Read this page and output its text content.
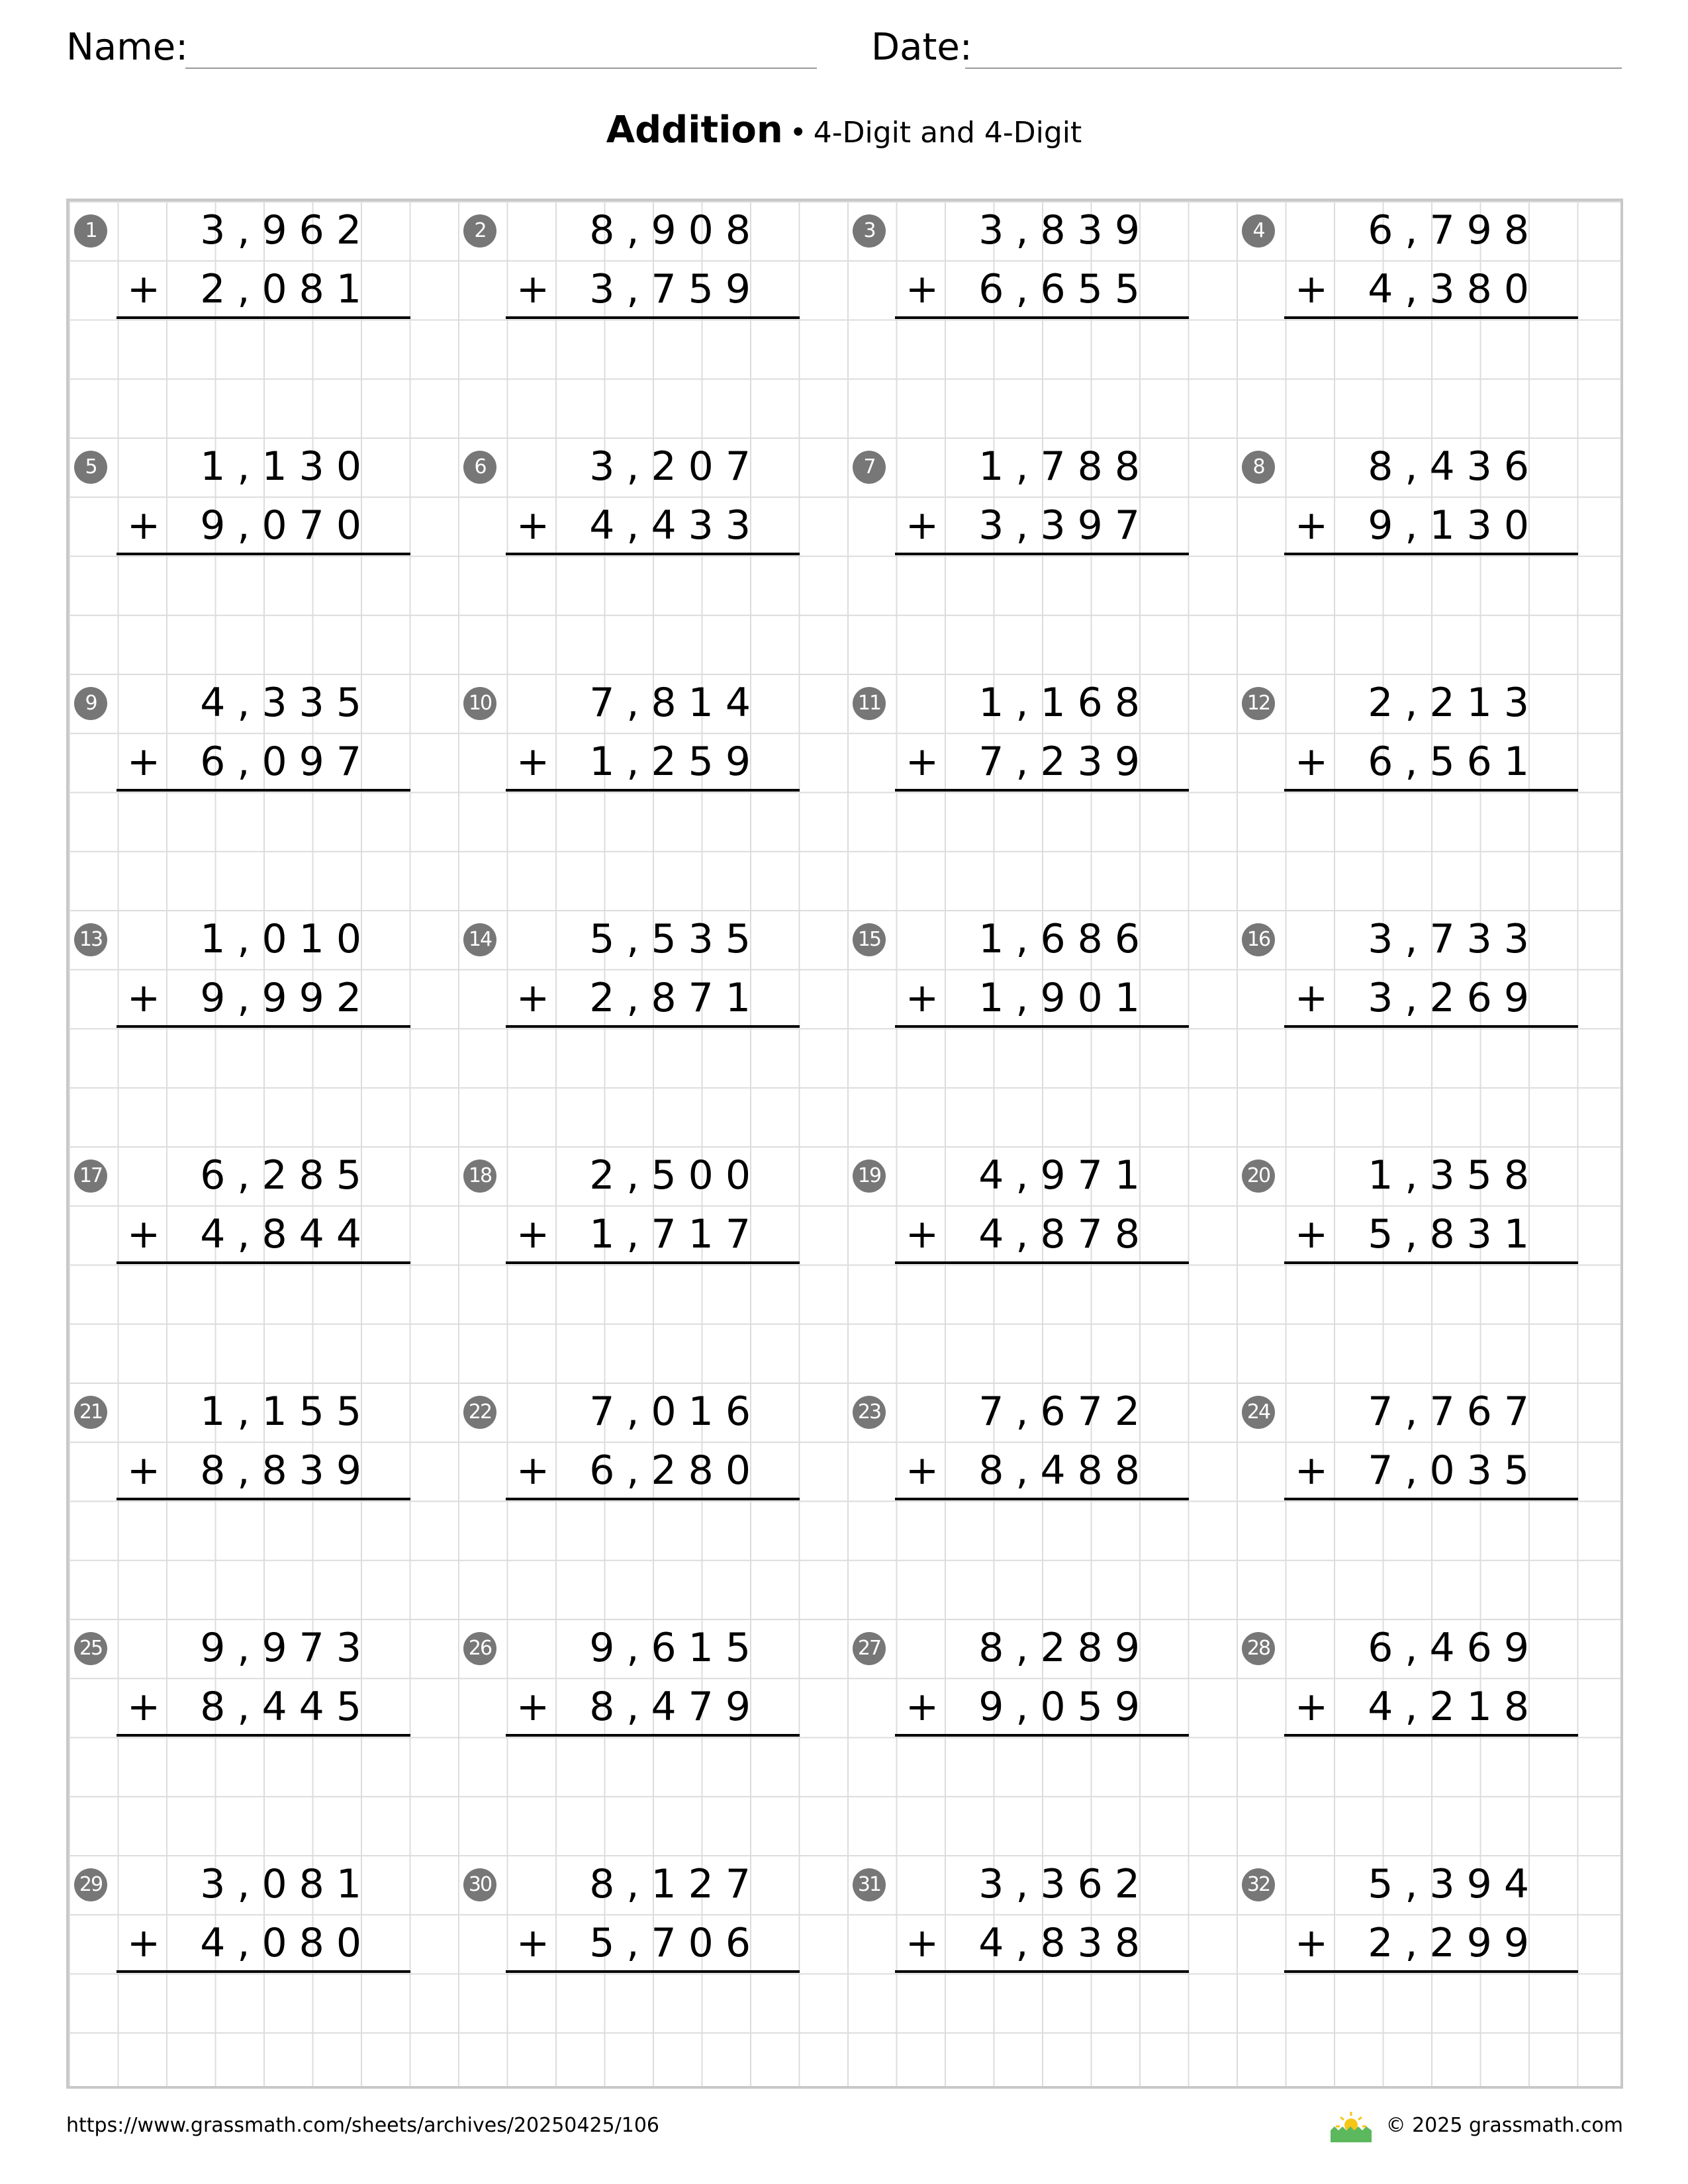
Name:	Date:
Addition • 4-Digit and 4-Digit
1	3,962
+	2,081
2	8,908
+	3,759
3	3,839
+	6,655
4	6,798
+	4,380
5	1,130
+	9,070
6	3,207
+	4,433
7	1,788
+	3,397
8	8,436
+	9,130
9	4,335
+	6,097
10	7,814
+	1,259
11	1,168
+	7,239
12	2,213
+	6,561
13	1,010
+	9,992
14	5,535
+	2,871
15	1,686
+	1,901
16	3,733
+	3,269
17	6,285
+	4,844
18	2,500
+	1,717
19	4,971
+	4,878
20	1,358
+	5,831
21	1,155
+	8,839
22	7,016
+	6,280
23	7,672
+	8,488
24	7,767
+	7,035
25	9,973
+	8,445
26	9,615
+	8,479
27	8,289
+	9,059
28	6,469
+	4,218
29	3,081
+	4,080
30	8,127
+	5,706
31	3,362
+	4,838
32	5,394
+	2,299
https://www.grassmath.com/sheets/archives/20250425/106	© 2025 grassmath.com
